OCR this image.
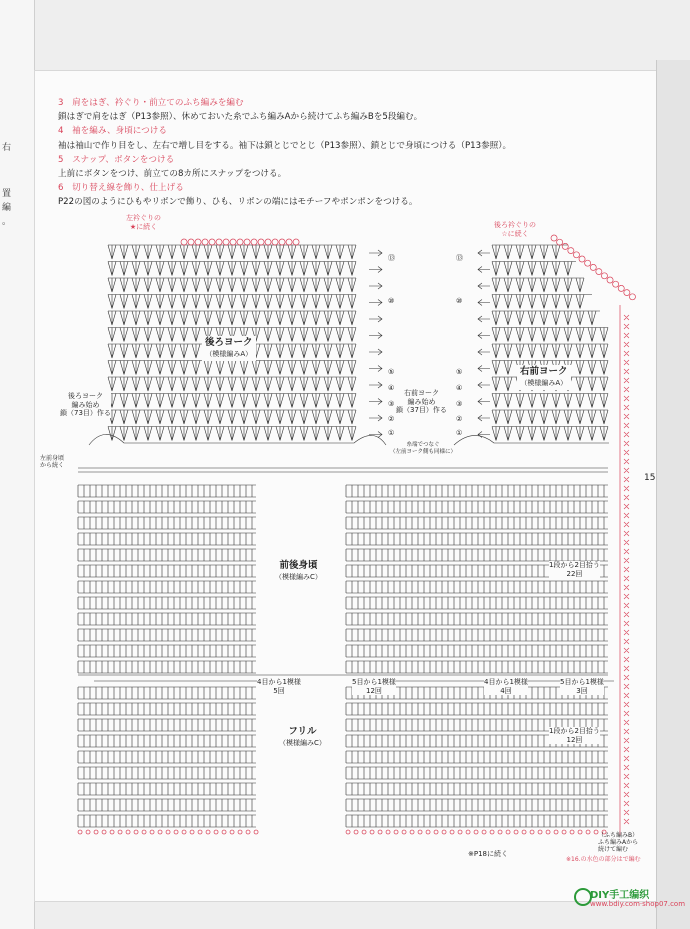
右
置
編
。
3　 肩をはぎ、衿ぐり・前立てのふち編みを編む
鎖はぎで肩をはぎ（P13参照）、休めておいた糸でふち編みAから続けてふち編みBを5段編む。
4　 袖を編み、身頃につける
袖は袖山で作り目をし、左右で増し目をする。袖下は鎖とじでとじ（P13参照）、鎖とじで身頃につける（P13参照）。
5　 スナップ、ボタンをつける
上前にボタンをつけ、前立ての8カ所にスナップをつける。
6　 切り替え線を飾り、仕上げる
P22の図のようにひもやリボンで飾り、ひも、リボンの端にはモチーフやポンポンをつける。
左衿ぐりの
★に続く	後ろ衿ぐりの
☆に続く
後ろヨーク
（模様編みA）
後ろヨーク
編み始め
鎖（73目）作る
右前ヨーク
（模様編みA）
右前ヨーク
編み始め
鎖（37目）作る
左前身頃
から続く
糸端でつなぐ
（左前ヨーク側も同様に）
前後身頃
（模様編みC）
フリル
（模様編みC）
1段から2目拾う
22回
1段から2目拾う
12回
4目から1模様
5回
5目から1模様
12回
4目から1模様
4回
5目から1模様
3回
（ふち編みB）
ふち編みAから
続けて編む
※P18に続く
※16.の水色の部分はで編む
15
⑬	⑬
⑩	⑩
⑤	⑤
④	④
③	③
②	②
①	①
DIY手工编织
www.bdiy.com·shop07.com
